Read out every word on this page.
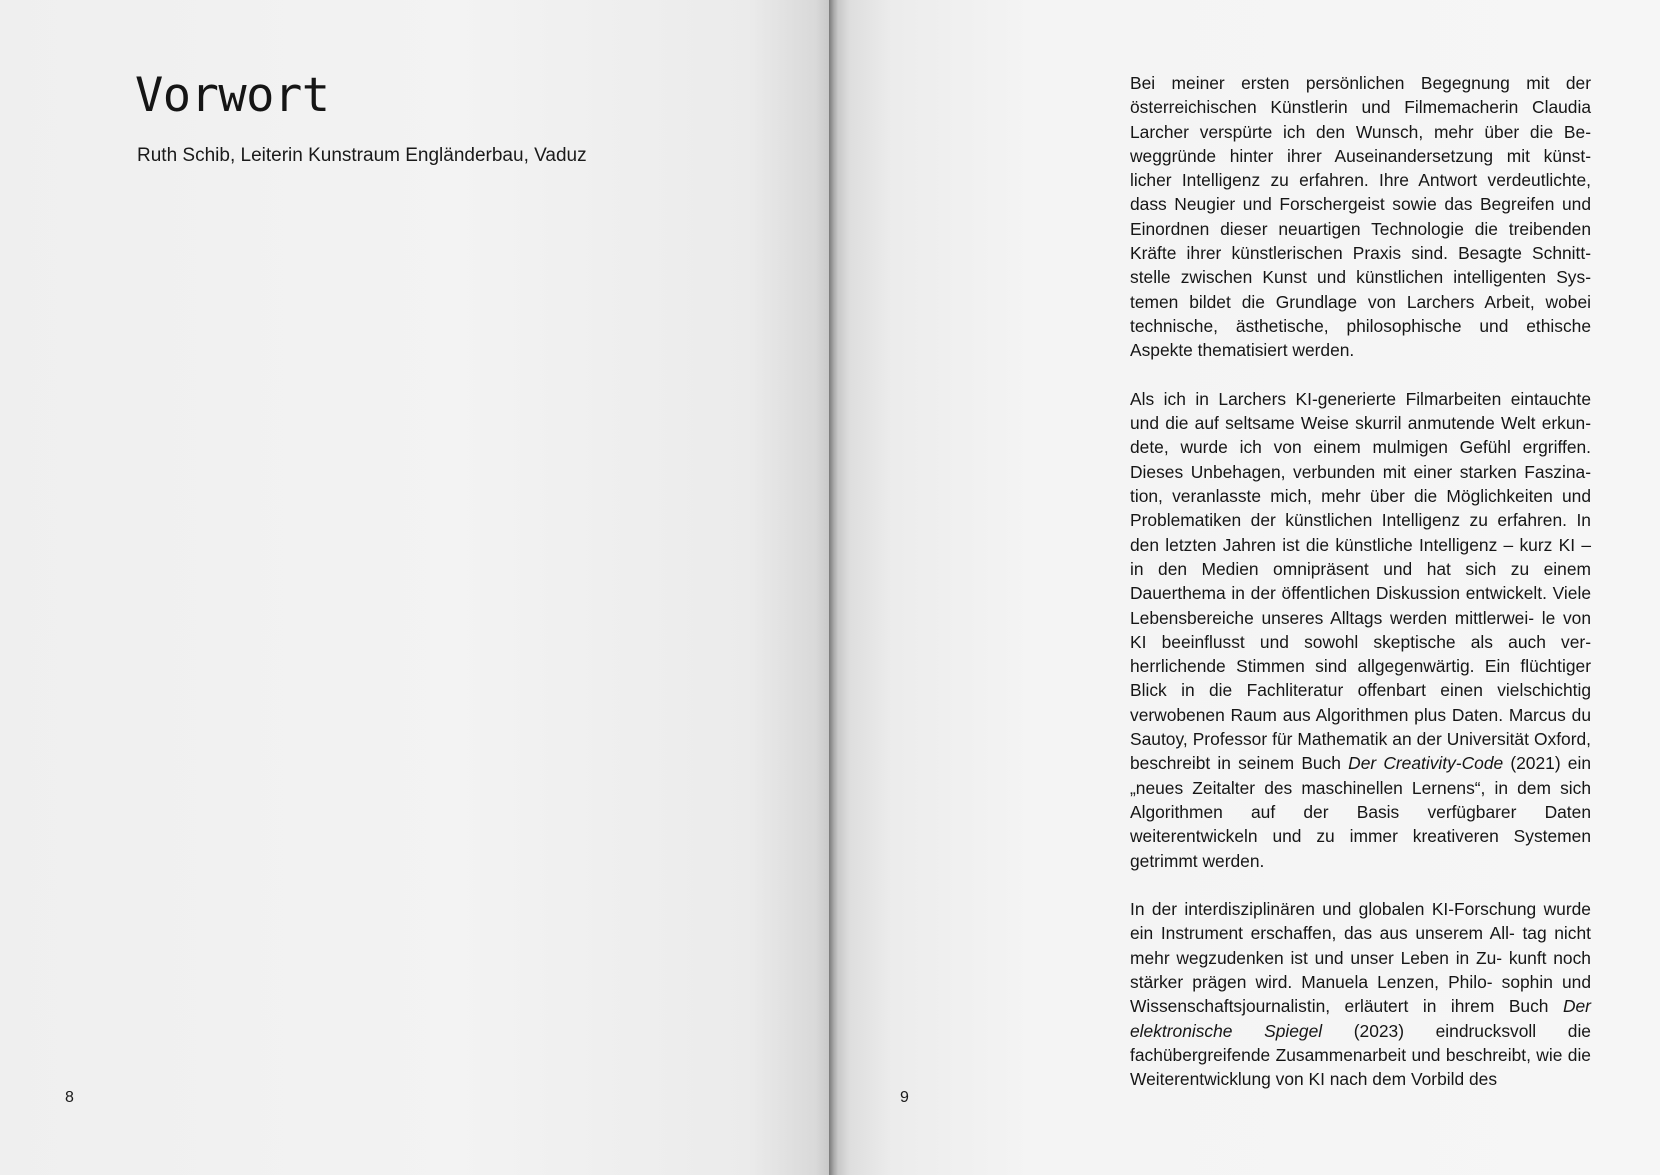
Vorwort

Ruth Schib, Leiterin Kunstraum Engländerbau, Vaduz

8

Bei meiner ersten persönlichen Begegnung mit der österreichischen Künstlerin und Filmemacherin Claudia Larcher verspürte ich den Wunsch, mehr über die Be- weggründe hinter ihrer Auseinandersetzung mit künst- licher Intelligenz zu erfahren. Ihre Antwort verdeutlichte, dass Neugier und Forschergeist sowie das Begreifen und Einordnen dieser neuartigen Technologie die treibenden Kräfte ihrer künstlerischen Praxis sind. Besagte Schnitt- stelle zwischen Kunst und künstlichen intelligenten Sys- temen bildet die Grundlage von Larchers Arbeit, wobei technische, ästhetische, philosophische und ethische Aspekte thematisiert werden.

Als ich in Larchers KI-generierte Filmarbeiten eintauchte und die auf seltsame Weise skurril anmutende Welt erkun- dete, wurde ich von einem mulmigen Gefühl ergriffen. Dieses Unbehagen, verbunden mit einer starken Faszina- tion, veranlasste mich, mehr über die Möglichkeiten und Problematiken der künstlichen Intelligenz zu erfahren. In den letzten Jahren ist die künstliche Intelligenz – kurz KI – in den Medien omnipräsent und hat sich zu einem Dauerthema in der öffentlichen Diskussion entwickelt. Viele Lebensbereiche unseres Alltags werden mittlerwei- le von KI beeinflusst und sowohl skeptische als auch ver- herrlichende Stimmen sind allgegenwärtig. Ein flüchtiger Blick in die Fachliteratur offenbart einen vielschichtig verwobenen Raum aus Algorithmen plus Daten. Marcus du Sautoy, Professor für Mathematik an der Universität Oxford, beschreibt in seinem Buch Der Creativity-Code (2021) ein „neues Zeitalter des maschinellen Lernens“, in dem sich Algorithmen auf der Basis verfügbarer Daten weiterentwickeln und zu immer kreativeren Systemen getrimmt werden.

In der interdisziplinären und globalen KI-Forschung wurde ein Instrument erschaffen, das aus unserem All- tag nicht mehr wegzudenken ist und unser Leben in Zu- kunft noch stärker prägen wird. Manuela Lenzen, Philo- sophin und Wissenschaftsjournalistin, erläutert in ihrem Buch Der elektronische Spiegel (2023) eindrucksvoll die fachübergreifende Zusammenarbeit und beschreibt, wie die Weiterentwicklung von KI nach dem Vorbild des

9
